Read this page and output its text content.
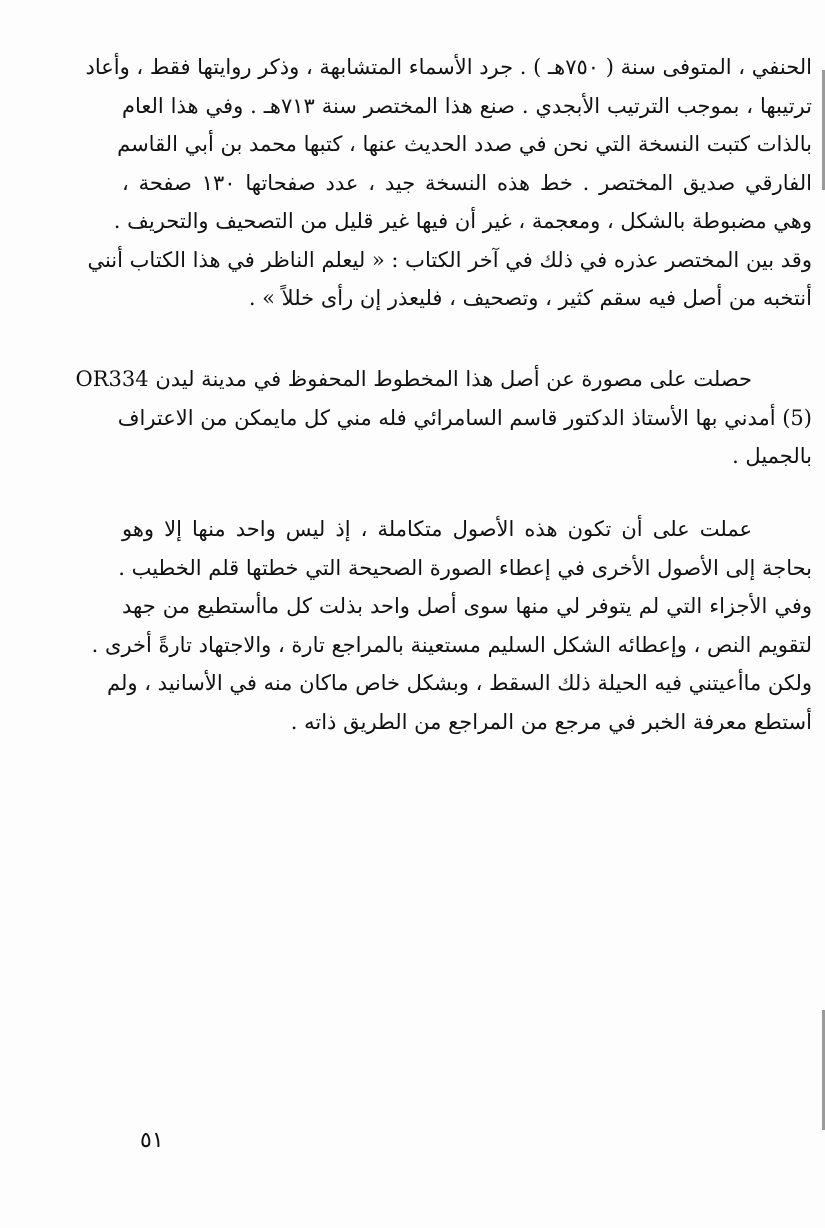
الحنفي ، المتوفى سنة ( ٧٥٠هـ ) . جرد الأسماء المتشابهة ، وذكر روايتها فقط ، وأعاد
ترتيبها ، بموجب الترتيب الأبجدي . صنع هذا المختصر سنة ٧١٣هـ . وفي هذا العام
بالذات كتبت النسخة التي نحن في صدد الحديث عنها ، كتبها محمد بن أبي القاسم
الفارقي صديق المختصر . خط هذه النسخة جيد ، عدد صفحاتها ١٣٠ صفحة ،
وهي مضبوطة بالشكل ، ومعجمة ، غير أن فيها غير قليل من التصحيف والتحريف .
وقد بين المختصر عذره في ذلك في آخر الكتاب : « ليعلم الناظر في هذا الكتاب أنني
أنتخبه من أصل فيه سقم كثير ، وتصحيف ، فليعذر إن رأى خللاً » .
حصلت على مصورة عن أصل هذا المخطوط المحفوظ في مدينة ليدن OR334
(5) أمدني بها الأستاذ الدكتور قاسم السامرائي فله مني كل مايمكن من الاعتراف
بالجميل .
عملت على أن تكون هذه الأصول متكاملة ، إذ ليس واحد منها إلا وهو
بحاجة إلى الأصول الأخرى في إعطاء الصورة الصحيحة التي خطتها قلم الخطيب .
وفي الأجزاء التي لم يتوفر لي منها سوى أصل واحد بذلت كل ماأستطيع من جهد
لتقويم النص ، وإعطائه الشكل السليم مستعينة بالمراجع تارة ، والاجتهاد تارةً أخرى .
ولكن ماأعيتني فيه الحيلة ذلك السقط ، وبشكل خاص ماكان منه في الأسانيد ، ولم
أستطع معرفة الخبر في مرجع من المراجع من الطريق ذاته .
٥١
